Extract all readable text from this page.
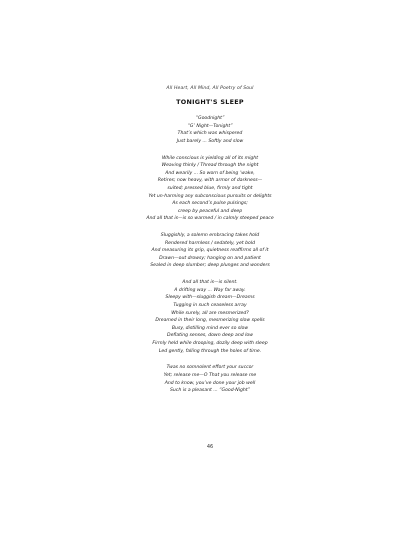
All Heart, All Mind, All Poetry of Soul
TONIGHT'S SLEEP
“Goodnight”
“G’ Night—Tonight”
That’s which was whispered
Just barely ... Softly and slow
While conscious is yielding all of its might
Weaving thinly / Thread through the night
And wearily ... So worn of being ‘wake,
Retires; now heavy, with armor of darkness—
suited; pressed blue, firmly and tight
Yet un-harming any subconscious pursuits or delights
As each second’s pulse pulsings;
creep by peaceful and deep
And all that is—is so warmed / in calmly steeped peace
Sluggishly, a solemn embracing takes hold
Rendered harmless / sedately, yet bold
And measuring its grip, quietness reaffirms all of it
Drawn—out drowsy; hanging on and patient
Sealed in deep slumber; deep plunges and wonders
And all that is—is silent.
A drifting way ... Way far away.
Sleepy with—sluggish dream—Dreams
Tugging in such ceaseless array
While surely, all are mesmerized?
Dreamed in their long, mesmerizing slow spells
Busy, distilling mind ever so slow
Deflating senses, down deep and low
Firmly held while drooping, dozily deep with sleep
Led gently, falling through the holes of time.
Twas no somnolent effort your succor
Yet; release me—O That you release me
And to know, you’ve done your job well
Such is a pleasant ... “Good-Night”
46
